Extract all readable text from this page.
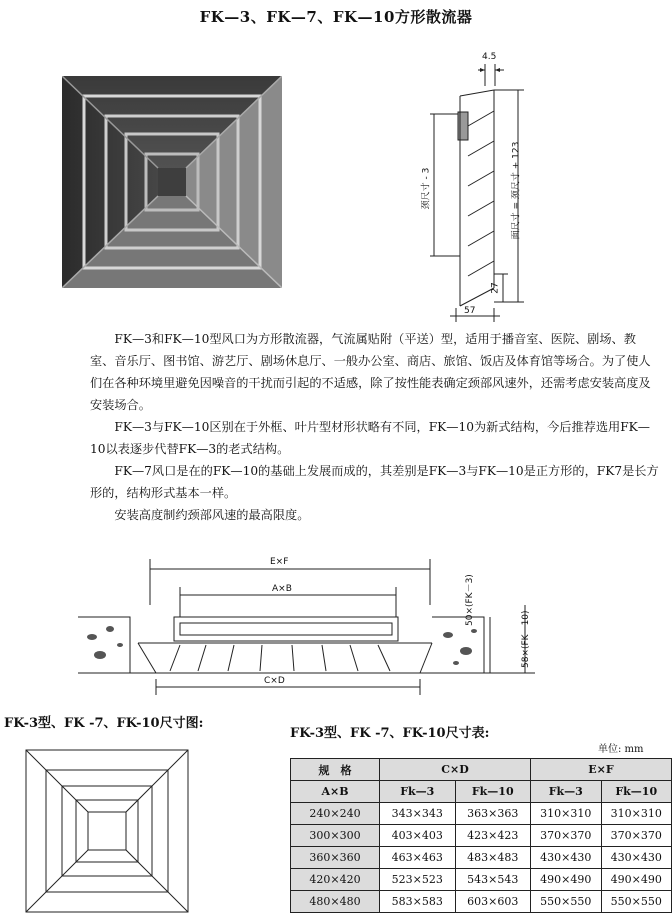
FK—3、FK—7、FK—10方形散流器
4.5
颈尺寸 - 3	面尺寸 = 颈尺寸 + 123
27
57

FK—3和FK—10型风口为方形散流器，气流属贴附（平送）型，适用于播音室、医院、剧场、教室、音乐厅、图书馆、游艺厅、剧场休息厅、一般办公室、商店、旅馆、饭店及体育馆等场合。为了使人们在各种环境里避免因噪音的干扰而引起的不适感，除了按性能表确定颈部风速外，还需考虑安装高度及安装场合。

FK—3与FK—10区别在于外框、叶片型材形状略有不同，FK—10为新式结构，今后推荐选用FK—10以表逐步代替FK—3的老式结构。

FK—7风口是在的FK—10的基础上发展而成的，其差别是FK—3与FK—10是正方形的，FK7是长方形的，结构形式基本一样。

安装高度制约颈部风速的最高限度。

E×F
A×B
C×D
50×(FK－3)
58×(FK－10)
FK-3型、FK -7、FK-10尺寸图:
FK-3型、FK -7、FK-10尺寸表:
单位: mm
规　格	C×D		E×F	
A×B	Fk—3	Fk—10	Fk—3	Fk—10
240×240	343×343	363×363	310×310	310×310
300×300	403×403	423×423	370×370	370×370
360×360	463×463	483×483	430×430	430×430
420×420	523×523	543×543	490×490	490×490
480×480	583×583	603×603	550×550	550×550
